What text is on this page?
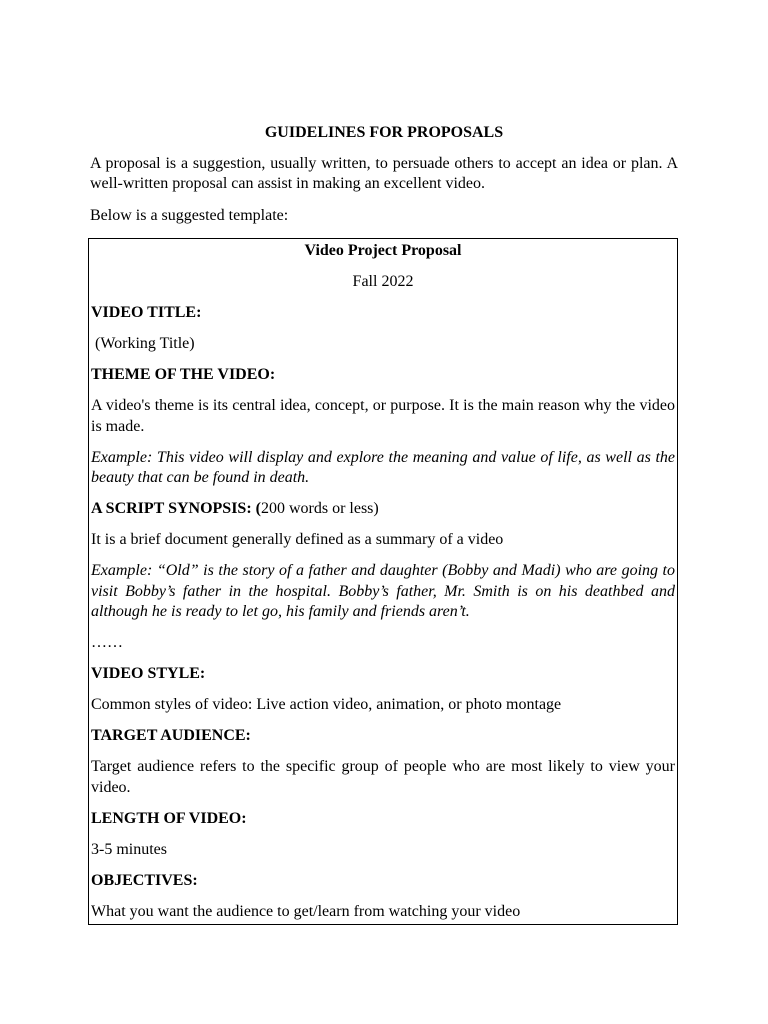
GUIDELINES FOR PROPOSALS
A proposal is a suggestion, usually written, to persuade others to accept an idea or plan. A well-written proposal can assist in making an excellent video.
Below is a suggested template:

Video Project Proposal

Fall 2022

VIDEO TITLE:

(Working Title)

THEME OF THE VIDEO:

A video's theme is its central idea, concept, or purpose. It is the main reason why the video is made.

Example: This video will display and explore the meaning and value of life, as well as the beauty that can be found in death.

A SCRIPT SYNOPSIS: (200 words or less)

It is a brief document generally defined as a summary of a video

Example: “Old” is the story of a father and daughter (Bobby and Madi) who are going to visit Bobby’s father in the hospital. Bobby’s father, Mr. Smith is on his deathbed and although he is ready to let go, his family and friends aren’t.

……

VIDEO STYLE:

Common styles of video: Live action video, animation, or photo montage

TARGET AUDIENCE:

Target audience refers to the specific group of people who are most likely to view your video.

LENGTH OF VIDEO:

3-5 minutes

OBJECTIVES:

What you want the audience to get/learn from watching your video
